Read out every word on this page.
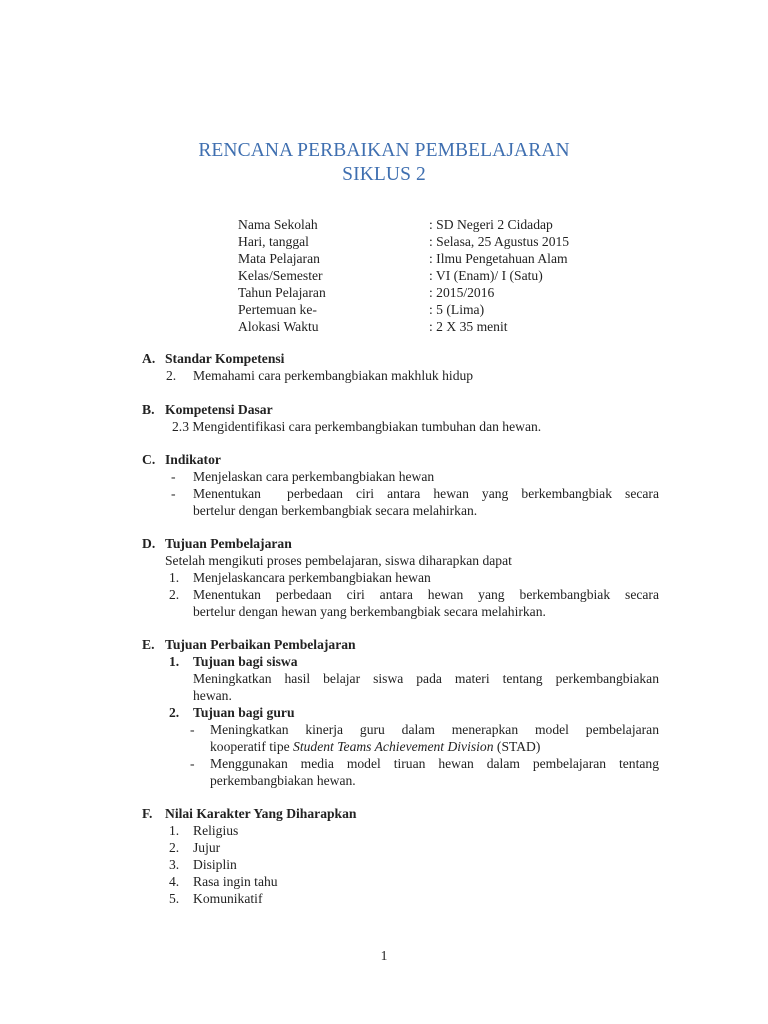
RENCANA PERBAIKAN PEMBELAJARAN
SIKLUS 2
Nama Sekolah	: SD Negeri 2 Cidadap
Hari, tanggal	: Selasa, 25 Agustus 2015
Mata Pelajaran	: Ilmu Pengetahuan Alam
Kelas/Semester	: VI (Enam)/ I (Satu)
Tahun Pelajaran	: 2015/2016
Pertemuan ke-	: 5 (Lima)
Alokasi Waktu	: 2 X 35 menit
A. Standar Kompetensi
2. Memahami cara perkembangbiakan makhluk hidup
B. Kompetensi Dasar
2.3 Mengidentifikasi cara perkembangbiakan tumbuhan dan hewan.
C. Indikator
- Menjelaskan cara perkembangbiakan hewan
- Menentukan  perbedaan ciri antara hewan yang berkembangbiak secara
bertelur dengan berkembangbiak secara melahirkan.
D. Tujuan Pembelajaran
Setelah mengikuti proses pembelajaran, siswa diharapkan dapat
1. Menjelaskancara perkembangbiakan hewan
2. Menentukan perbedaan ciri antara hewan yang berkembangbiak secara
bertelur dengan hewan yang berkembangbiak secara melahirkan.
E. Tujuan Perbaikan Pembelajaran
1. Tujuan bagi siswa
Meningkatkan hasil belajar siswa pada materi tentang perkembangbiakan
hewan.
2. Tujuan bagi guru
- Meningkatkan kinerja guru dalam menerapkan model pembelajaran
kooperatif tipe Student Teams Achievement Division (STAD)
- Menggunakan media model tiruan hewan dalam pembelajaran tentang
perkembangbiakan hewan.
F. Nilai Karakter Yang Diharapkan
1. Religius
2. Jujur
3. Disiplin
4. Rasa ingin tahu
5. Komunikatif
1
